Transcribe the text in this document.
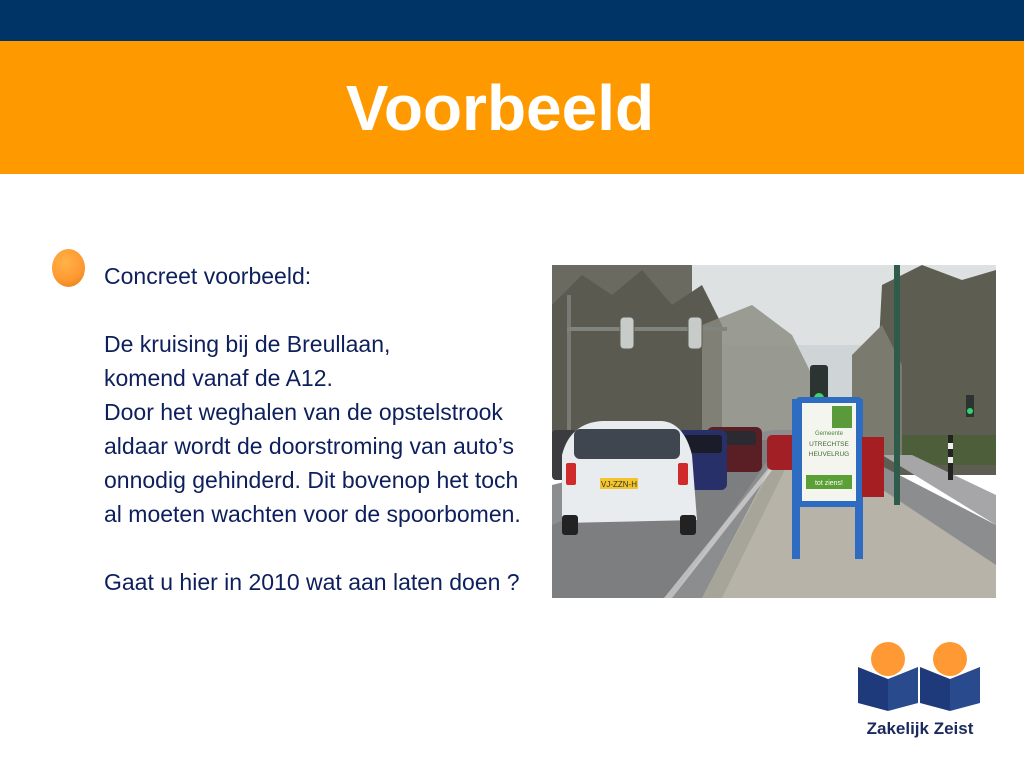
Voorbeeld

Concreet voorbeeld:

De kruising bij de Breullaan,

komend vanaf de A12.

Door het weghalen van de opstelstrook aldaar wordt de doorstroming van auto’s onnodig gehinderd. Dit bovenop het toch al moeten wachten voor de spoorbomen.

Gaat u hier in 2010 wat aan laten doen ?

VJ-ZZN-H
Gemeente
UTRECHTSE
HEUVELRUG
tot ziens!
Zakelijk Zeist
